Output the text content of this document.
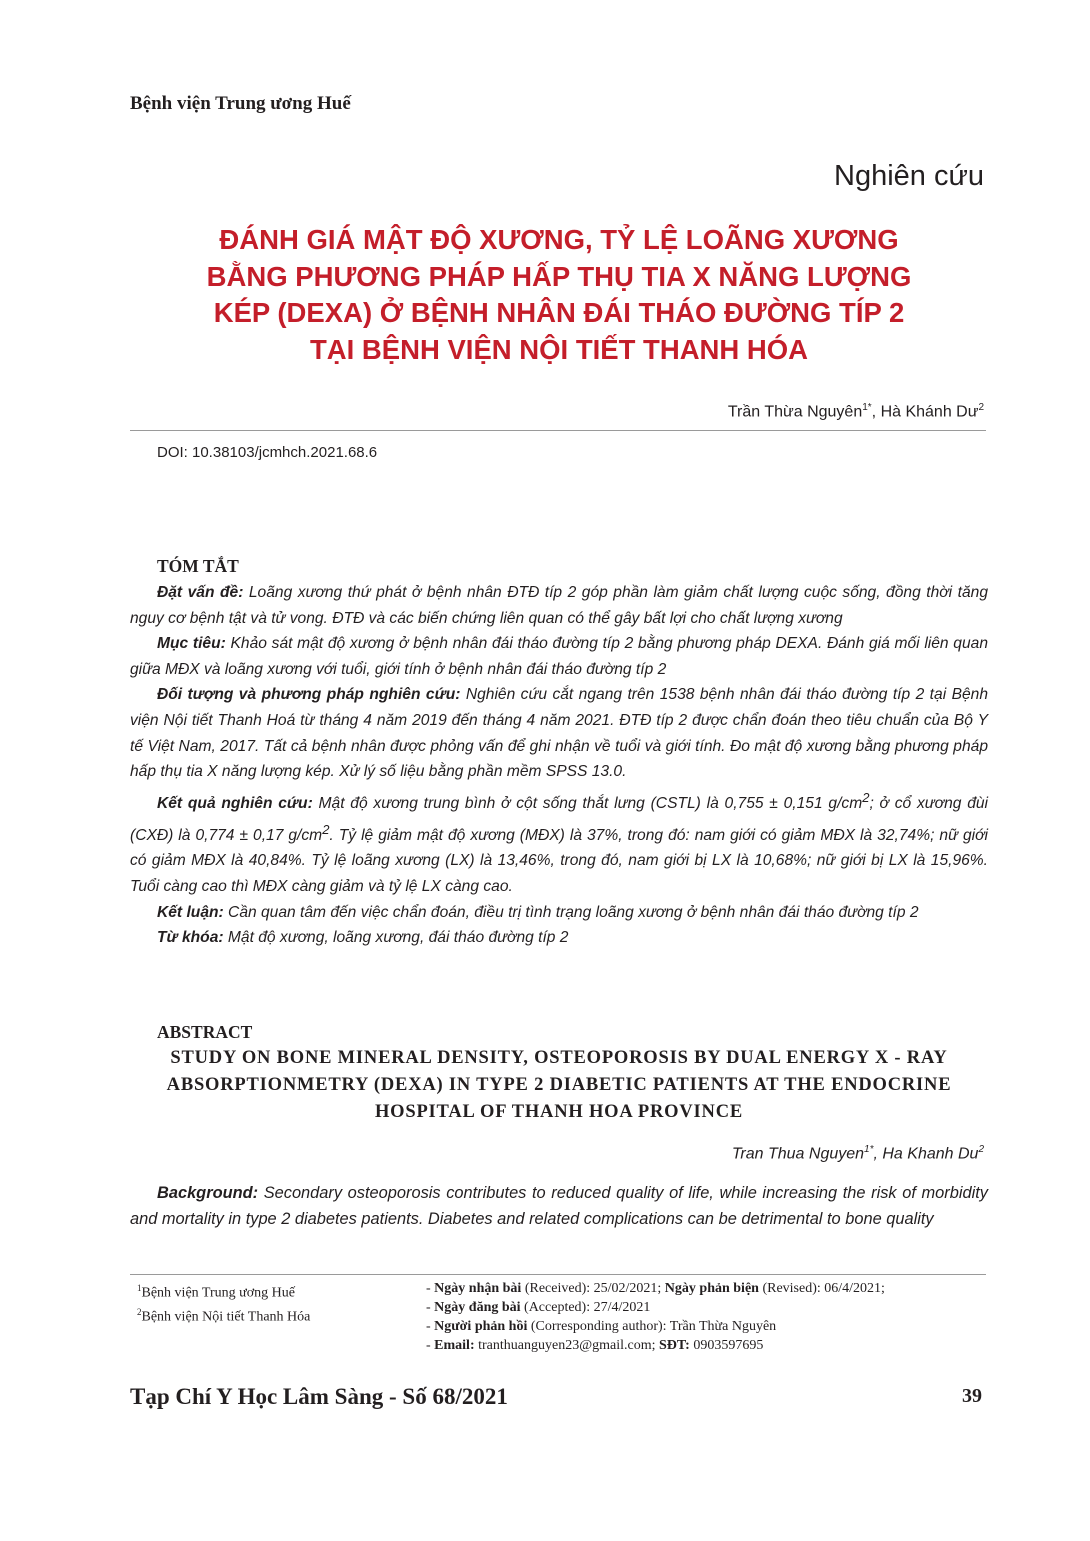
Bệnh viện Trung ương Huế
Nghiên cứu
ĐÁNH GIÁ MẬT ĐỘ XƯƠNG, TỶ LỆ LOÃNG XƯƠNG
BẰNG PHƯƠNG PHÁP HẤP THỤ TIA X NĂNG LƯỢNG
KÉP (DEXA) Ở BỆNH NHÂN ĐÁI THÁO ĐƯỜNG TÍP 2
TẠI BỆNH VIỆN NỘI TIẾT THANH HÓA
Trần Thừa Nguyên$^{1*}$, Hà Khánh $Dư^2$
DOI: 10.38103/jcmhch.2021.68.6
TÓM TẮT

Đặt vấn đề: Loãng xương thứ phát ở bệnh nhân ĐTĐ típ 2 góp phần làm giảm chất lượng cuộc sống, đồng thời tăng nguy cơ bệnh tật và tử vong. ĐTĐ và các biến chứng liên quan có thể gây bất lợi cho chất lượng xương

Mục tiêu: Khảo sát mật độ xương ở bệnh nhân đái tháo đường típ 2 bằng phương pháp DEXA. Đánh giá mối liên quan giữa MĐX và loãng xương với tuổi, giới tính ở bệnh nhân đái tháo đường típ 2

Đối tượng và phương pháp nghiên cứu: Nghiên cứu cắt ngang trên 1538 bệnh nhân đái tháo đường típ 2 tại Bệnh viện Nội tiết Thanh Hoá từ tháng 4 năm 2019 đến tháng 4 năm 2021. ĐTĐ típ 2 được chẩn đoán theo tiêu chuẩn của Bộ Y tế Việt Nam, 2017. Tất cả bệnh nhân được phỏng vấn để ghi nhận về tuổi và giới tính. Đo mật độ xương bằng phương pháp hấp thụ tia X năng lượng kép. Xử lý số liệu bằng phần mềm SPSS 13.0.

Kết quả nghiên cứu: Mật độ xương trung bình ở cột sống thắt lưng (CSTL) là 0,755 ± 0,151 $g/cm^2$; ở cổ xương đùi (CXĐ) là 0,774 ± 0,17 $g/cm^2$. Tỷ lệ giảm mật độ xương (MĐX) là 37%, trong đó: nam giới có giảm MĐX là 32,74%; nữ giới có giảm MĐX là 40,84%. Tỷ lệ loãng xương (LX) là 13,46%, trong đó, nam giới bị LX là 10,68%; nữ giới bị LX là 15,96%. Tuổi càng cao thì MĐX càng giảm và tỷ lệ LX càng cao.

Kết luận: Cần quan tâm đến việc chẩn đoán, điều trị tình trạng loãng xương ở bệnh nhân đái tháo đường típ 2

Từ khóa: Mật độ xương, loãng xương, đái tháo đường típ 2

ABSTRACT
STUDY ON BONE MINERAL DENSITY, OSTEOPOROSIS BY DUAL ENERGY X - RAY
ABSORPTIONMETRY (DEXA) IN TYPE 2 DIABETIC PATIENTS AT THE ENDOCRINE
HOSPITAL OF THANH HOA PROVINCE
Tran Thua Nguyen$^{1*}$, Ha Khanh Du$^2$

Background: Secondary osteoporosis contributes to reduced quality of life, while increasing the risk of morbidity and mortality in type 2 diabetes patients. Diabetes and related complications can be detrimental to bone quality

$^1$Bệnh viện Trung ương Huế
$^2$Bệnh viện Nội tiết Thanh Hóa
- Ngày nhận bài (Received): 25/02/2021; Ngày phản biện (Revised): 06/4/2021;
- Ngày đăng bài (Accepted): 27/4/2021
- Người phản hồi (Corresponding author): Trần Thừa Nguyên
- Email: tranthuanguyen23@gmail.com; SĐT: 0903597695
Tạp Chí Y Học Lâm Sàng - Số 68/2021	39
